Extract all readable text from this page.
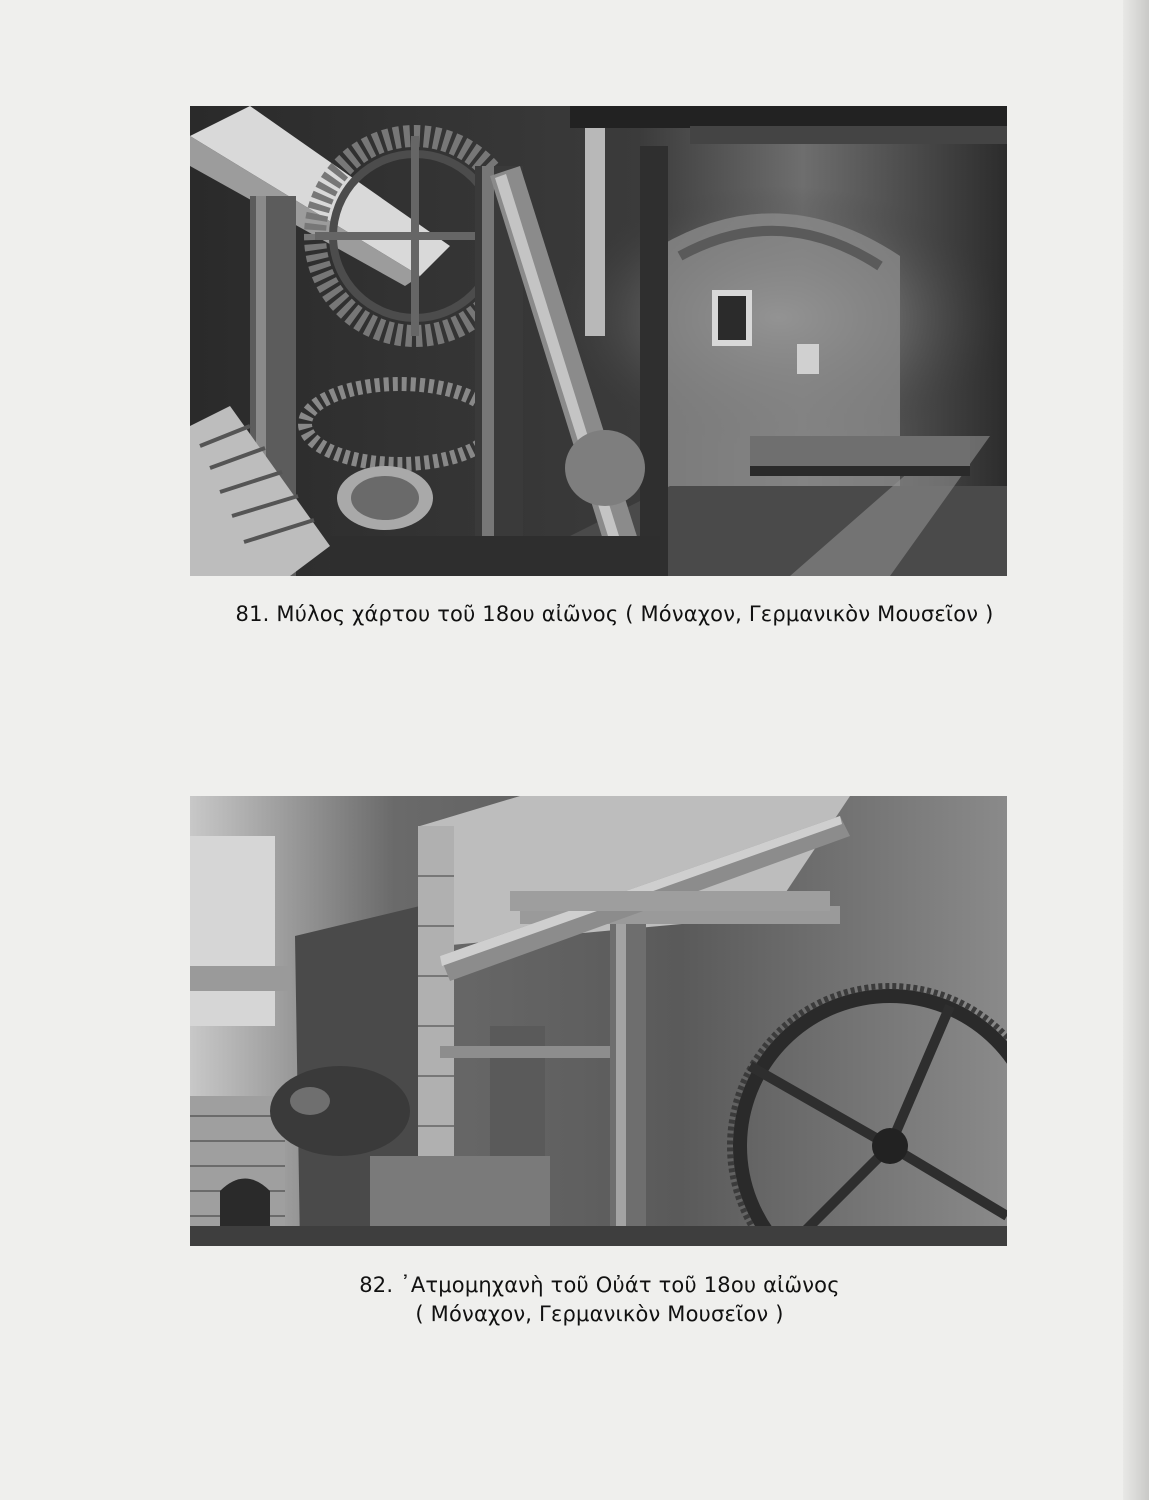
81. Μύλος χάρτου τοῦ 18ου αἰῶνος ( Μόναχον, Γερμανικὸν Μουσεῖον )
82. ᾿Ατμομηχανὴ τοῦ Οὐάτ τοῦ 18ου αἰῶνος
( Μόναχον, Γερμανικὸν Μουσεῖον )
